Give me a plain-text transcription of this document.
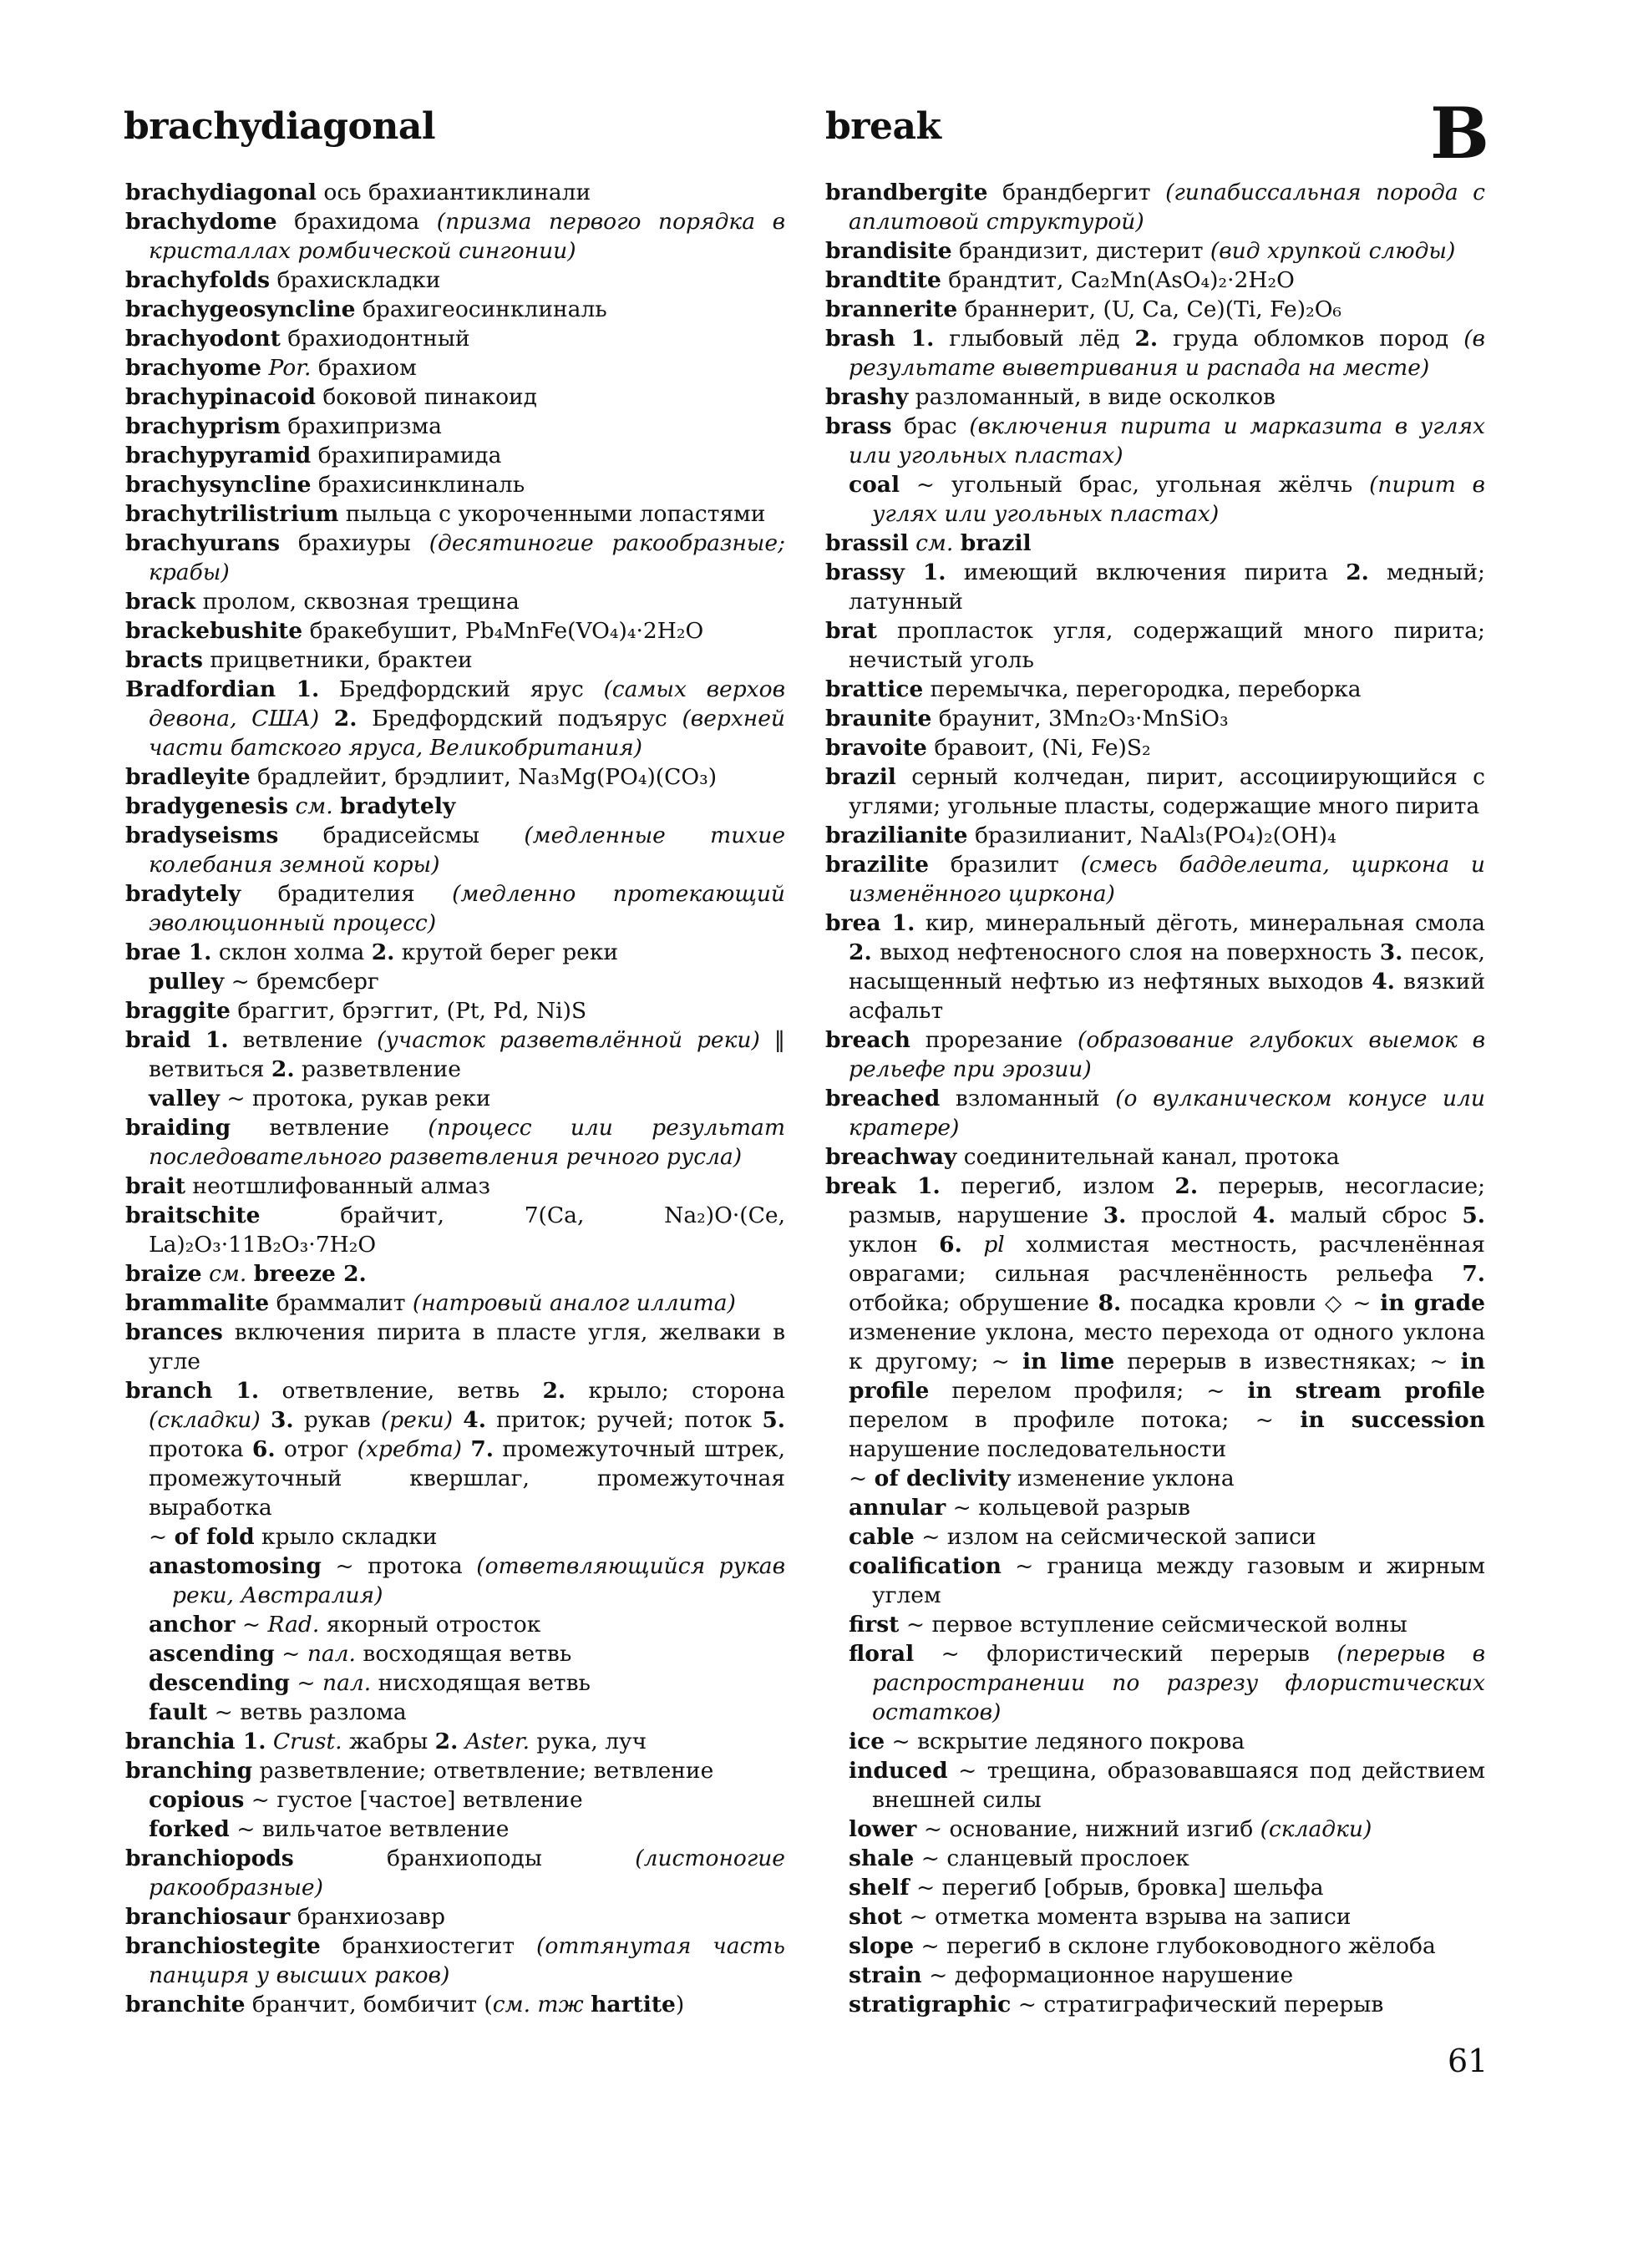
brachydiagonal	break	B

brachydiagonal ось брахиантиклинали

brachydome брахидома (призма первого порядка в кристаллах ромбической сингонии)

brachyfolds брахискладки

brachygeosyncline брахигеосинклиналь

brachyodont брахиодонтный

brachyome Por. брахиом

brachypinacoid боковой пинакоид

brachyprism брахипризма

brachypyramid брахипирамида

brachysyncline брахисинклиналь

brachytrilistrium пыльца с укороченными лопастями

brachyurans брахиуры (десятиногие ракообразные; крабы)

brack пролом, сквозная трещина

brackebushite бракебушит, Pb₄MnFe(VO₄)₄·2H₂O

bracts прицветники, брактеи

Bradfordian 1. Бредфордский ярус (самых верхов девона, США) 2. Бредфордский подъярус (верхней части батского яруса, Великобритания)

bradleyite брадлейит, брэдлиит, Na₃Mg(PO₄)(CO₃)

bradygenesis см. bradytely

bradyseisms брадисейсмы (медленные тихие колебания земной коры)

bradytely брадителия (медленно протекающий эволюционный процесс)

brae 1. склон холма 2. крутой берег реки

pulley ~ бремсберг

braggite браггит, брэггит, (Pt, Pd, Ni)S

braid 1. ветвление (участок разветвлённой реки) ‖ ветвиться 2. разветвление

valley ~ протока, рукав реки

braiding ветвление (процесс или результат последовательного разветвления речного русла)

brait неотшлифованный алмаз

braitschite брайчит, 7(Ca, Na₂)O·(Ce, La)₂O₃·11B₂O₃·7H₂O

braize см. breeze 2.

brammalite браммалит (натровый аналог иллита)

brances включения пирита в пласте угля, желваки в угле

branch 1. ответвление, ветвь 2. крыло; сторона (складки) 3. рукав (реки) 4. приток; ручей; поток 5. протока 6. отрог (хребта) 7. промежуточный штрек, промежуточный квершлаг, промежуточная выработка

~ of fold крыло складки

anastomosing ~ протока (ответвляющийся рукав реки, Австралия)

anchor ~ Rad. якорный отросток

ascending ~ пал. восходящая ветвь

descending ~ пал. нисходящая ветвь

fault ~ ветвь разлома

branchia 1. Crust. жабры 2. Aster. рука, луч

branching разветвление; ответвление; ветвление

copious ~ густое [частое] ветвление

forked ~ вильчатое ветвление

branchiopods бранхиоподы (листоногие ракообразные)

branchiosaur бранхиозавр

branchiostegite бранхиостегит (оттянутая часть панциря у высших раков)

branchite бранчит, бомбичит (см. тж hartite)

brandbergite брандбергит (гипабиссальная порода с аплитовой структурой)

brandisite брандизит, дистерит (вид хрупкой слюды)

brandtite брандтит, Ca₂Mn(AsO₄)₂·2H₂O

brannerite браннерит, (U, Ca, Ce)(Ti, Fe)₂O₆

brash 1. глыбовый лёд 2. груда обломков пород (в результате выветривания и распада на месте)

brashy разломанный, в виде осколков

brass брас (включения пирита и марказита в углях или угольных пластах)

coal ~ угольный брас, угольная жёлчь (пирит в углях или угольных пластах)

brassil см. brazil

brassy 1. имеющий включения пирита 2. медный; латунный

brat пропласток угля, содержащий много пирита; нечистый уголь

brattice перемычка, перегородка, переборка

braunite браунит, 3Mn₂O₃·MnSiO₃

bravoite бравоит, (Ni, Fe)S₂

brazil серный колчедан, пирит, ассоциирующийся с углями; угольные пласты, содержащие много пирита

brazilianite бразилианит, NaAl₃(PO₄)₂(OH)₄

brazilite бразилит (смесь бадделеита, циркона и изменённого циркона)

brea 1. кир, минеральный дёготь, минеральная смола 2. выход нефтеносного слоя на поверхность 3. песок, насыщенный нефтью из нефтяных выходов 4. вязкий асфальт

breach прорезание (образование глубоких выемок в рельефе при эрозии)

breached взломанный (о вулканическом конусе или кратере)

breachway соединительнай канал, протока

break 1. перегиб, излом 2. перерыв, несогласие; размыв, нарушение 3. прослой 4. малый сброс 5. уклон 6. pl холмистая местность, расчленённая оврагами; сильная расчленённость рельефа 7. отбойка; обрушение 8. посадка кровли ◇ ~ in grade изменение уклона, место перехода от одного уклона к другому; ~ in lime перерыв в известняках; ~ in profile перелом профиля; ~ in stream profile перелом в профиле потока; ~ in succession нарушение последовательности

~ of declivity изменение уклона

annular ~ кольцевой разрыв

cable ~ излом на сейсмической записи

coalification ~ граница между газовым и жирным углем

first ~ первое вступление сейсмической волны

floral ~ флористический перерыв (перерыв в распространении по разрезу флористических остатков)

ice ~ вскрытие ледяного покрова

induced ~ трещина, образовавшаяся под действием внешней силы

lower ~ основание, нижний изгиб (складки)

shale ~ сланцевый прослоек

shelf ~ перегиб [обрыв, бровка] шельфа

shot ~ отметка момента взрыва на записи

slope ~ перегиб в склоне глубоководного жёлоба

strain ~ деформационное нарушение

stratigraphic ~ стратиграфический перерыв

61
